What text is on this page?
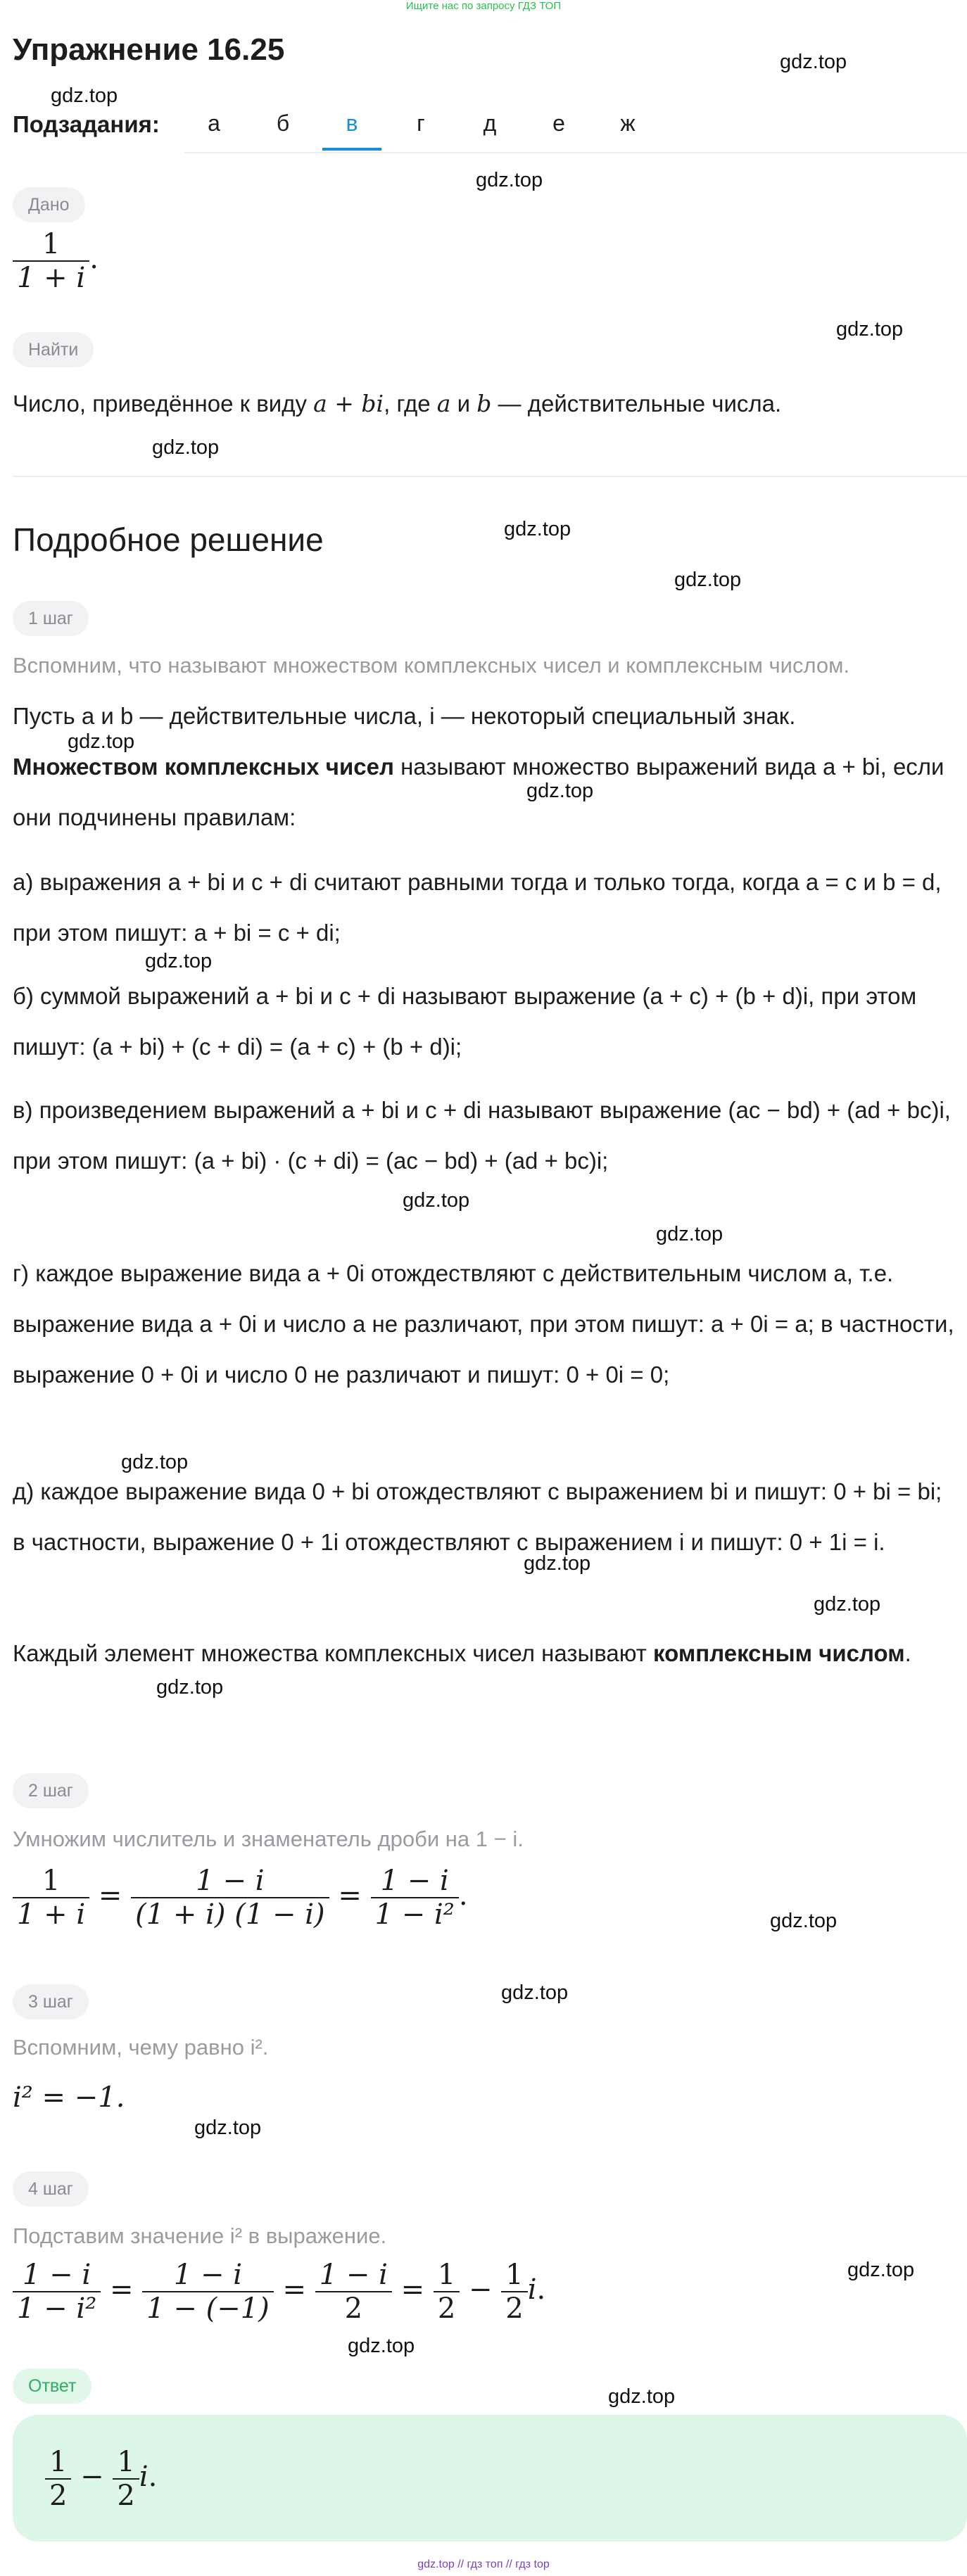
Ищите нас по запросу ГДЗ ТОП
Упражнение 16.25	gdz.top
gdz.top
gdz.top
gdz.top
gdz.top
gdz.top
gdz.top
gdz.top
gdz.top
gdz.top
gdz.top
gdz.top
gdz.top
gdz.top
gdz.top
gdz.top
gdz.top
gdz.top
gdz.top
gdz.top
gdz.top
gdz.top
Подзадания:	а	б	в	г	д	е	ж
Дано
$\frac{1}{1 + i}$ .
Найти
Число, приведённое к виду a + bi, где a и b — действительные числа.
Подробное решение
1 шаг
Вспомним, что называют множеством комплексных чисел и комплексным числом.
Пусть a и b — действительные числа, i — некоторый специальный знак.
Множеством комплексных чисел называют множество выражений вида a + bi, если они подчинены правилам:
а) выражения a + bi и c + di считают равными тогда и только тогда, когда a = c и b = d, при этом пишут: a + bi = c + di;
б) суммой выражений a + bi и c + di называют выражение (a + c) + (b + d)i, при этом пишут: (a + bi) + (c + di) = (a + c) + (b + d)i;
в) произведением выражений a + bi и c + di называют выражение (ac − bd) + (ad + bc)i, при этом пишут: (a + bi) · (c + di) = (ac − bd) + (ad + bc)i;
г) каждое выражение вида a + 0i отождествляют с действительным числом a, т.е. выражение вида a + 0i и число a не различают, при этом пишут: a + 0i = a; в частности, выражение 0 + 0i и число 0 не различают и пишут: 0 + 0i = 0;
д) каждое выражение вида 0 + bi отождествляют с выражением bi и пишут: 0 + bi = bi; в частности, выражение 0 + 1i отождествляют с выражением i и пишут: 0 + 1i = i.
Каждый элемент множества комплексных чисел называют комплексным числом.
2 шаг
Умножим числитель и знаменатель дроби на 1 − i.
$\frac{1}{1 + i} = \frac{1 - i}{(1 + i) (1 - i)} = \frac{1 - i}{\text{1 − i²}}$ .
3 шаг
Вспомним, чему равно i².
i² = −1.
4 шаг
Подставим значение i² в выражение.
$\frac{1 - i}{\text{1 − i²}} = \frac{1 - i}{1 - (-1)} = \frac{1 - i}{2} = \frac{1}{2} - \frac{1}{2} i$.
Ответ
$\frac{1}{2} - \frac{1}{2} i$.
gdz.top // гдз топ // гдз top
